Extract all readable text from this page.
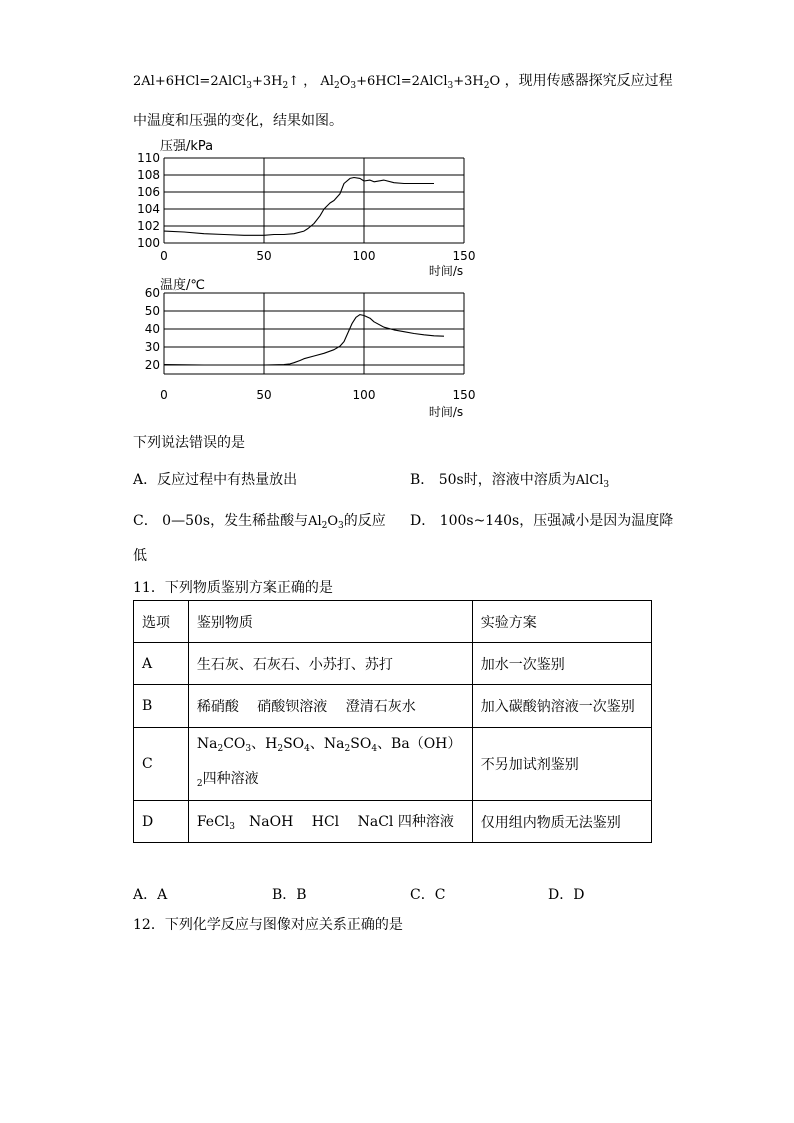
$2Al+6HCl=2AlCl_3+3H_2↑$ ， $Al_2O_3+6HCl=2AlCl_3+3H_2O$ ，现用传感器探究反应过程
中温度和压强的变化，结果如图。
110
108
106
104
102
100
0	50	100	150
压强/kPa
时间/s
60
50
40
30
20
0	50	100	150
温度/℃
时间/s
下列说法错误的是
A．反应过程中有热量放出	B． 50s时，溶液中溶质为AlCl$_3$
C． 0—50s，发生稀盐酸与$Al_2O_3$的反应 D． 100s~140s，压强减小是因为温度降
低
11．下列物质鉴别方案正确的是
选项	鉴别物质	实验方案
A	生石灰、石灰石、小苏打、苏打	加水一次鉴别
B	稀硝酸　 硝酸钡溶液　 澄清石灰水	加入碳酸钠溶液一次鉴别
C	$Na_2CO_3$、$H_2SO_4$、$Na_2SO_4$、$Ba(OH)_2$四种溶液	不另加试剂鉴别
D	FeCl$_3$　NaOH　 HCl　 NaCl 四种溶液	仅用组内物质无法鉴别
A．A	B．B	C．C	D．D
12．下列化学反应与图像对应关系正确的是
